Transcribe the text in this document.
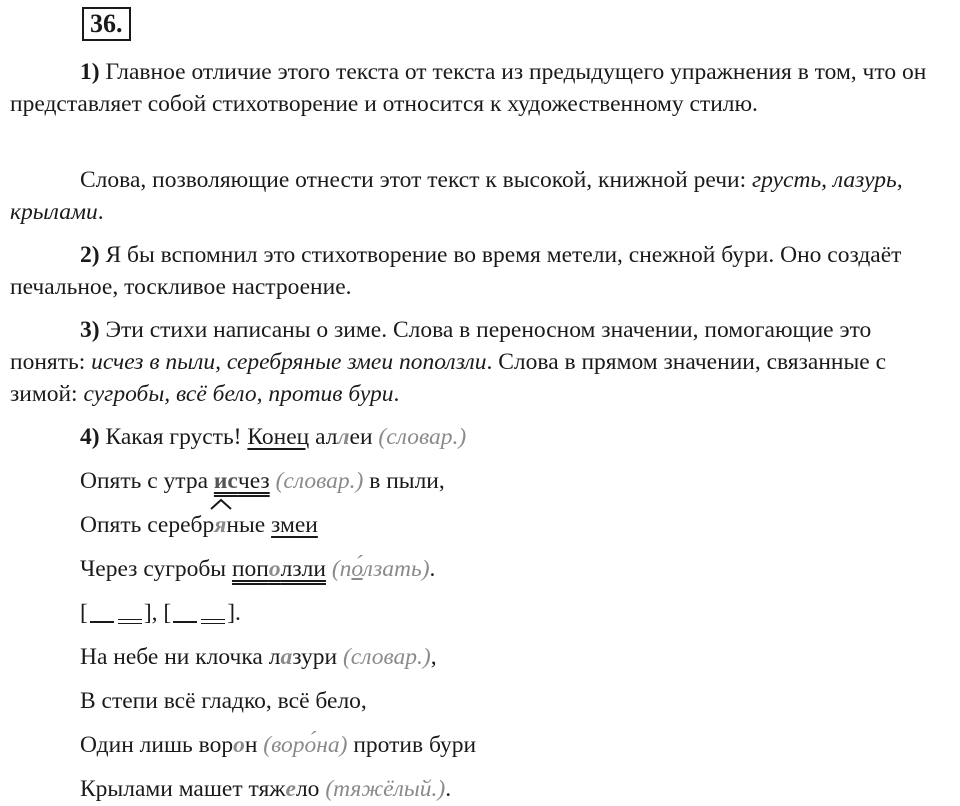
36.
1) Главное отличие этого текста от текста из предыдущего упражнения в том, что он представляет собой стихотворение и относится к художественному стилю.
Слова, позволяющие отнести этот текст к высокой, книжной речи: грусть, лазурь, крылами.
2) Я бы вспомнил это стихотворение во время метели, снежной бури. Оно создаёт печальное, тоскливое настроение.
3) Эти стихи написаны о зиме. Слова в переносном значении, помогающие это понять: исчез в пыли, серебряные змеи поползли. Слова в прямом значении, связанные с зимой: сугробы, всё бело, против бури.
4) Какая грусть! Конец аллеи (словар.)
Опять с утра исчез (словар.) в пыли,
Опять серебр
яные змеи
Через сугробы поползли (по́лзать).
[ ], [ ].
На небе ни клочка лазури (словар.),
В степи всё гладко, всё бело,
Один лишь ворон (воро́на) против бури
Крылами машет тяжело (тяжёлый.).
